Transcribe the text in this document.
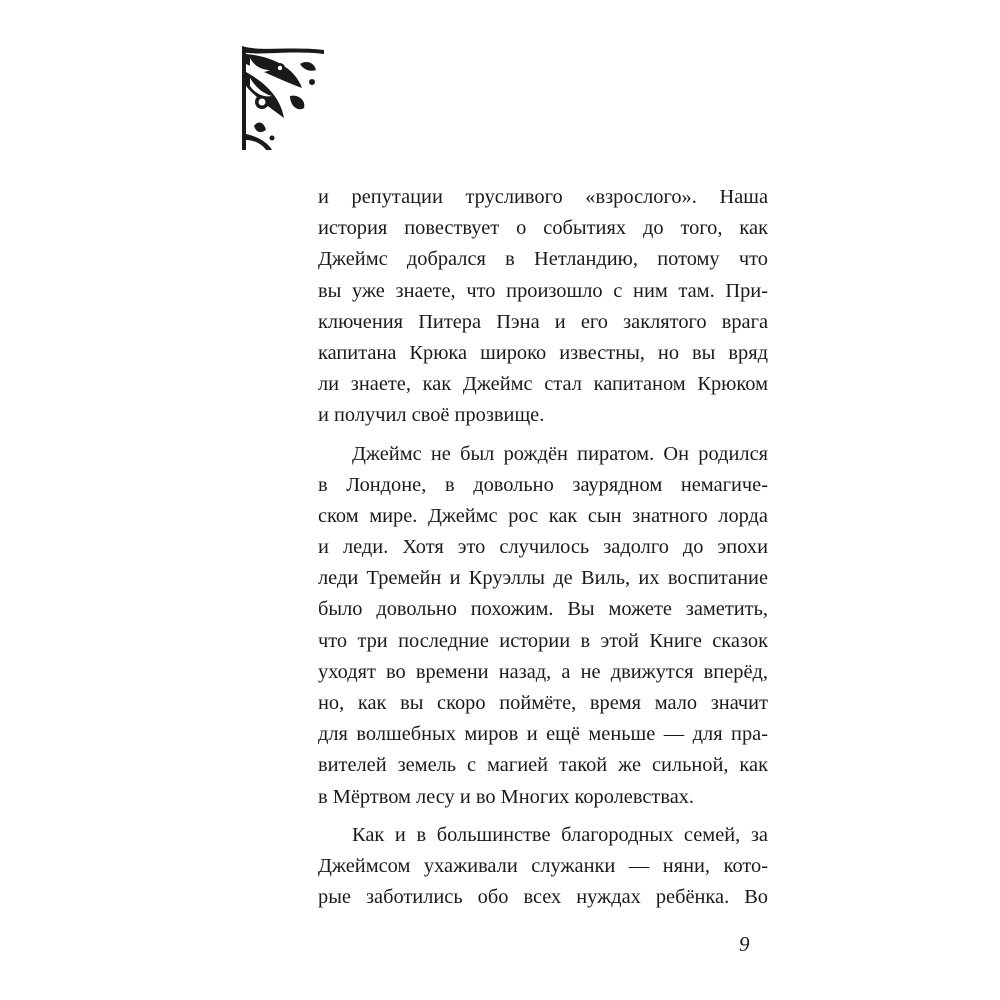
и репутации трусливого «взрослого». Наша
история повествует о событиях до того, как
Джеймс добрался в Нетландию, потому что
вы уже знаете, что произошло с ним там. При-
ключения Питера Пэна и его заклятого врага
капитана Крюка широко известны, но вы вряд
ли знаете, как Джеймс стал капитаном Крюком
и получил своё прозвище.
Джеймс не был рождён пиратом. Он родился
в Лондоне, в довольно заурядном немагиче-
ском мире. Джеймс рос как сын знатного лорда
и леди. Хотя это случилось задолго до эпохи
леди Тремейн и Круэллы де Виль, их воспитание
было довольно похожим. Вы можете заметить,
что три последние истории в этой Книге сказок
уходят во времени назад, а не движутся вперёд,
но, как вы скоро поймёте, время мало значит
для волшебных миров и ещё меньше — для пра-
вителей земель с магией такой же сильной, как
в Мёртвом лесу и во Многих королевствах.
Как и в большинстве благородных семей, за
Джеймсом ухаживали служанки — няни, кото-
рые заботились обо всех нуждах ребёнка. Во
9
